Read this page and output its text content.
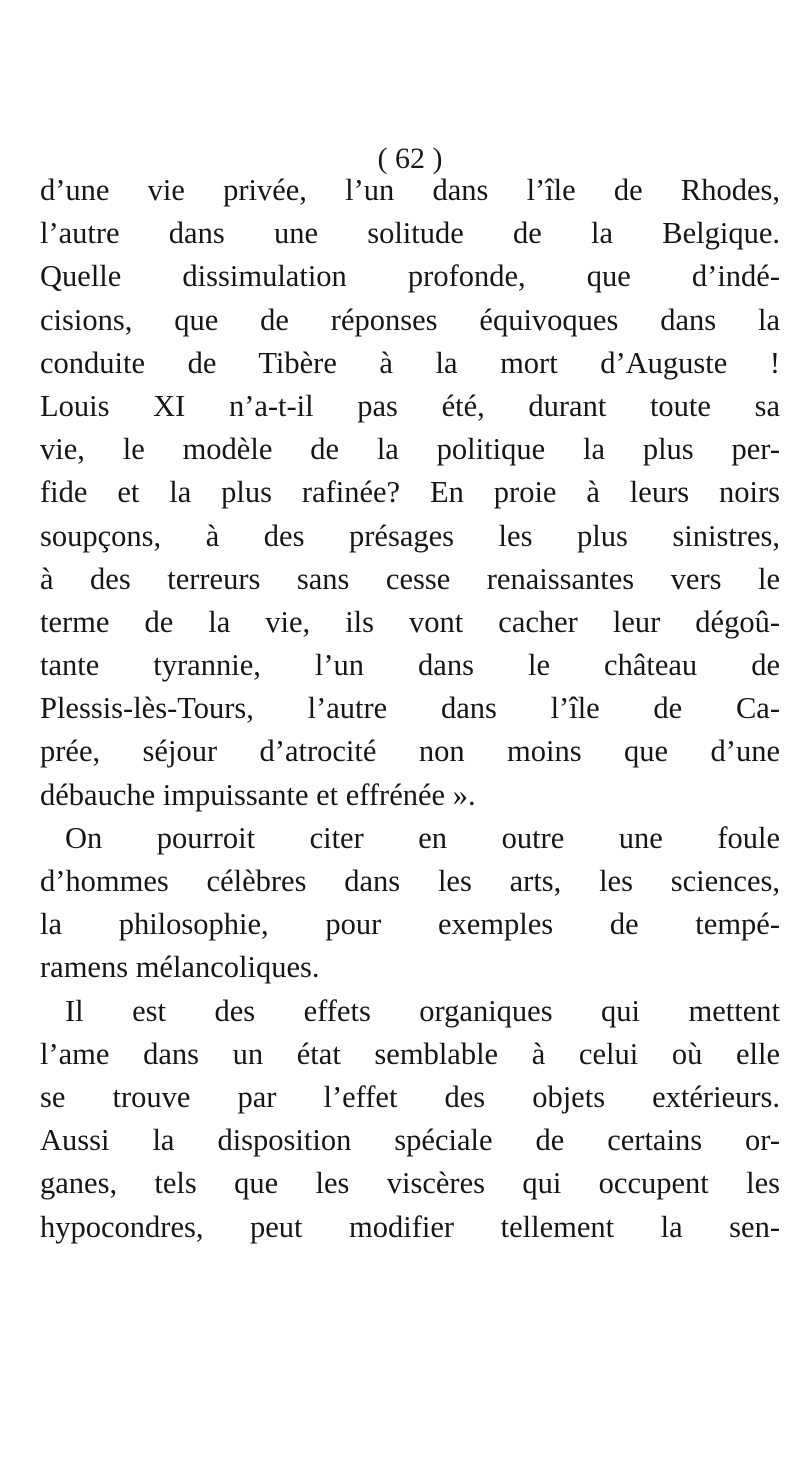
( 62 )
d’une vie privée, l’un dans l’île de Rhodes,
l’autre dans une solitude de la Belgique.
Quelle dissimulation profonde, que d’indé-
cisions, que de réponses équivoques dans la
conduite de Tibère à la mort d’Auguste !
Louis XI n’a-t-il pas été, durant toute sa
vie, le modèle de la politique la plus per-
fide et la plus rafinée? En proie à leurs noirs
soupçons, à des présages les plus sinistres,
à des terreurs sans cesse renaissantes vers le
terme de la vie, ils vont cacher leur dégoû-
tante tyrannie, l’un dans le château de
Plessis-lès-Tours, l’autre dans l’île de Ca-
prée, séjour d’atrocité non moins que d’une
débauche impuissante et effrénée ».
On pourroit citer en outre une foule
d’hommes célèbres dans les arts, les sciences,
la philosophie, pour exemples de tempé-
ramens mélancoliques.
Il est des effets organiques qui mettent
l’ame dans un état semblable à celui où elle
se trouve par l’effet des objets extérieurs.
Aussi la disposition spéciale de certains or-
ganes, tels que les viscères qui occupent les
hypocondres, peut modifier tellement la sen-
